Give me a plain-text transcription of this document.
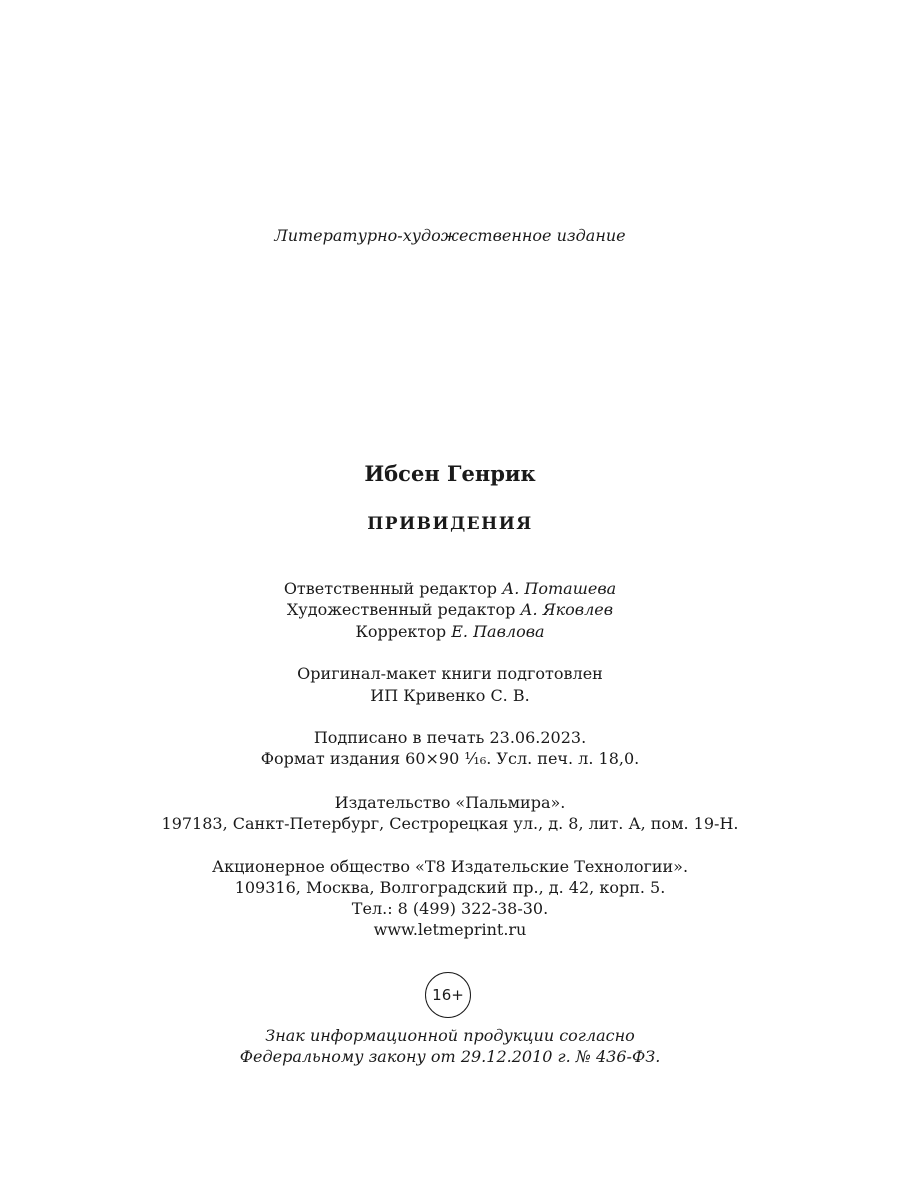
Литературно-художественное издание
Ибсен Генрик
ПРИВИДЕНИЯ
Ответственный редактор А. Поташева
Художественный редактор А. Яковлев
Корректор Е. Павлова
Оригинал-макет книги подготовлен
ИП Кривенко С. В.
Подписано в печать 23.06.2023.
Формат издания 60×90 ¹⁄₁₆. Усл. печ. л. 18,0.
Издательство «Пальмира».
197183, Санкт-Петербург, Сестрорецкая ул., д. 8, лит. А, пом. 19-Н.
Акционерное общество «Т8 Издательские Технологии».
109316, Москва, Волгоградский пр., д. 42, корп. 5.
Тел.: 8 (499) 322-38-30.
www.letmeprint.ru
16+
Знак информационной продукции согласно
Федеральному закону от 29.12.2010 г. № 436-ФЗ.
